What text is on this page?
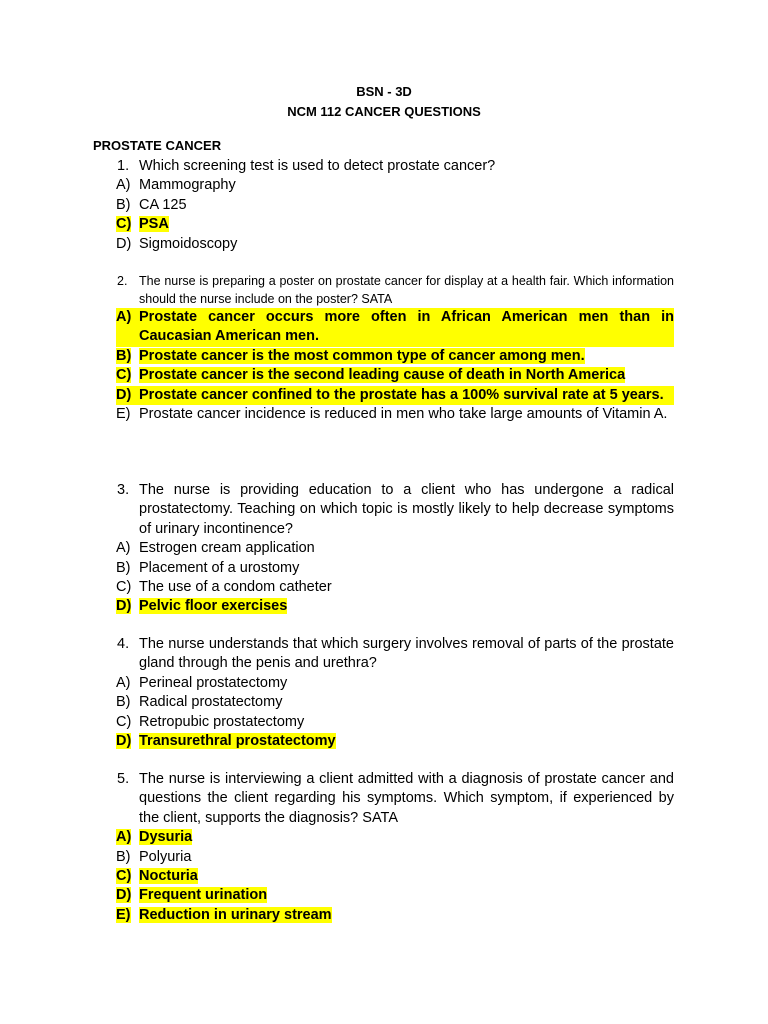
BSN - 3D
NCM 112 CANCER QUESTIONS
PROSTATE CANCER
1. Which screening test is used to detect prostate cancer?
A) Mammography
B) CA 125
C) PSA
D) Sigmoidoscopy
2. The nurse is preparing a poster on prostate cancer for display at a health fair. Which information should the nurse include on the poster? SATA
A) Prostate cancer occurs more often in African American men than in Caucasian American men.
B) Prostate cancer is the most common type of cancer among men.
C) Prostate cancer is the second leading cause of death in North America
D) Prostate cancer confined to the prostate has a 100% survival rate at 5 years.
E) Prostate cancer incidence is reduced in men who take large amounts of Vitamin A.
3. The nurse is providing education to a client who has undergone a radical prostatectomy. Teaching on which topic is mostly likely to help decrease symptoms of urinary incontinence?
A) Estrogen cream application
B) Placement of a urostomy
C) The use of a condom catheter
D) Pelvic floor exercises
4. The nurse understands that which surgery involves removal of parts of the prostate gland through the penis and urethra?
A) Perineal prostatectomy
B) Radical prostatectomy
C) Retropubic prostatectomy
D) Transurethral prostatectomy
5. The nurse is interviewing a client admitted with a diagnosis of prostate cancer and questions the client regarding his symptoms. Which symptom, if experienced by the client, supports the diagnosis? SATA
A) Dysuria
B) Polyuria
C) Nocturia
D) Frequent urination
E) Reduction in urinary stream
